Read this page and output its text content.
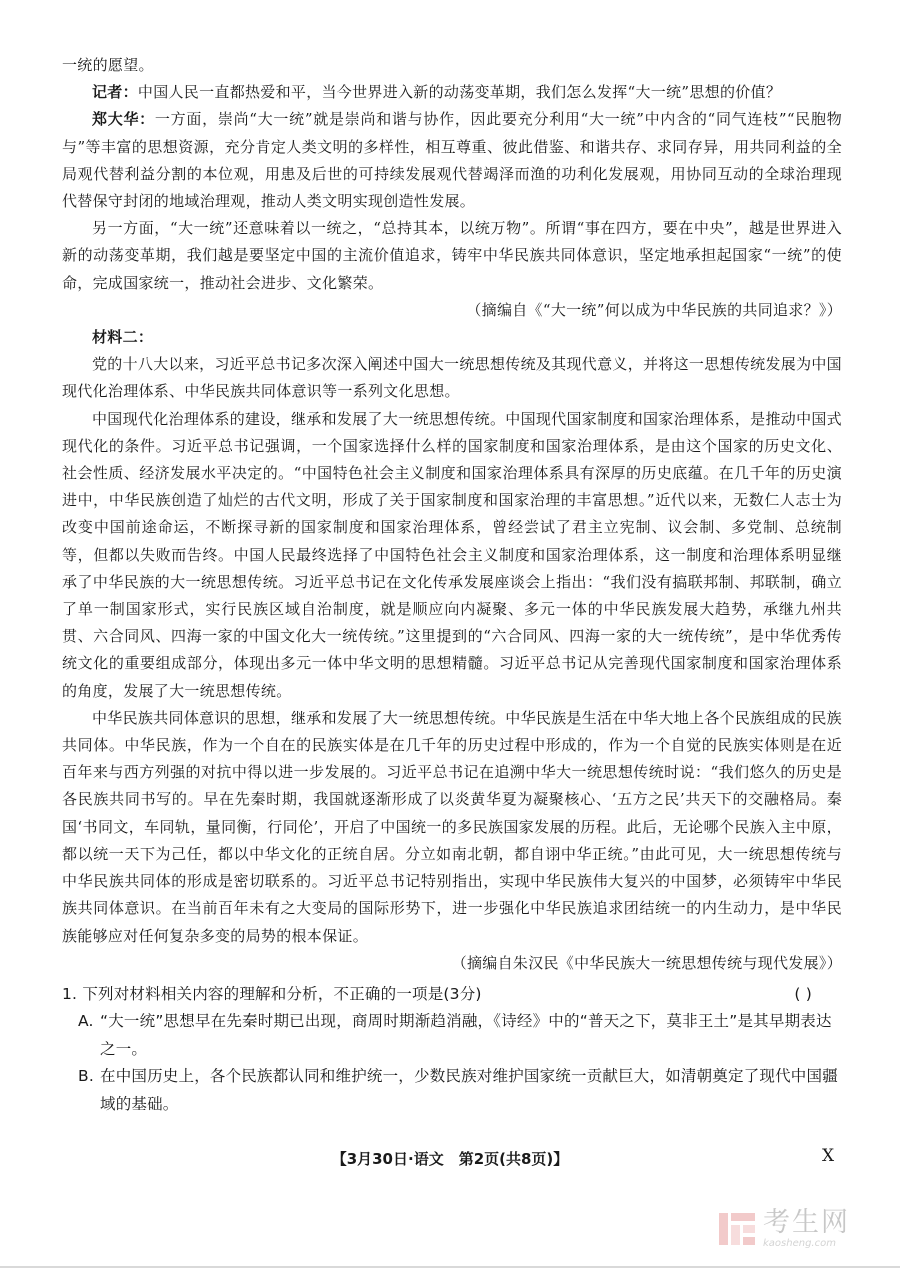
一统的愿望。

记者：中国人民一直都热爱和平，当今世界进入新的动荡变革期，我们怎么发挥“大一统”思想的价值？

郑大华：一方面，崇尚“大一统”就是崇尚和谐与协作，因此要充分利用“大一统”中内含的“同气连枝”“民胞物与”等丰富的思想资源，充分肯定人类文明的多样性，相互尊重、彼此借鉴、和谐共存、求同存异，用共同利益的全局观代替利益分割的本位观，用患及后世的可持续发展观代替竭泽而渔的功利化发展观，用协同互动的全球治理现代替保守封闭的地域治理观，推动人类文明实现创造性发展。

另一方面，“大一统”还意味着以一统之，“总持其本，以统万物”。所谓“事在四方，要在中央”，越是世界进入新的动荡变革期，我们越是要坚定中国的主流价值追求，铸牢中华民族共同体意识，坚定地承担起国家“一统”的使命，完成国家统一，推动社会进步、文化繁荣。

（摘编自《“大一统”何以成为中华民族的共同追求？》）

材料二：

党的十八大以来，习近平总书记多次深入阐述中国大一统思想传统及其现代意义，并将这一思想传统发展为中国现代化治理体系、中华民族共同体意识等一系列文化思想。

中国现代化治理体系的建设，继承和发展了大一统思想传统。中国现代国家制度和国家治理体系，是推动中国式现代化的条件。习近平总书记强调，一个国家选择什么样的国家制度和国家治理体系，是由这个国家的历史文化、社会性质、经济发展水平决定的。“中国特色社会主义制度和国家治理体系具有深厚的历史底蕴。在几千年的历史演进中，中华民族创造了灿烂的古代文明，形成了关于国家制度和国家治理的丰富思想。”近代以来，无数仁人志士为改变中国前途命运，不断探寻新的国家制度和国家治理体系，曾经尝试了君主立宪制、议会制、多党制、总统制等，但都以失败而告终。中国人民最终选择了中国特色社会主义制度和国家治理体系，这一制度和治理体系明显继承了中华民族的大一统思想传统。习近平总书记在文化传承发展座谈会上指出：“我们没有搞联邦制、邦联制，确立了单一制国家形式，实行民族区域自治制度，就是顺应向内凝聚、多元一体的中华民族发展大趋势，承继九州共贯、六合同风、四海一家的中国文化大一统传统。”这里提到的“六合同风、四海一家的大一统传统”，是中华优秀传统文化的重要组成部分，体现出多元一体中华文明的思想精髓。习近平总书记从完善现代国家制度和国家治理体系的角度，发展了大一统思想传统。

中华民族共同体意识的思想，继承和发展了大一统思想传统。中华民族是生活在中华大地上各个民族组成的民族共同体。中华民族，作为一个自在的民族实体是在几千年的历史过程中形成的，作为一个自觉的民族实体则是在近百年来与西方列强的对抗中得以进一步发展的。习近平总书记在追溯中华大一统思想传统时说：“我们悠久的历史是各民族共同书写的。早在先秦时期，我国就逐渐形成了以炎黄华夏为凝聚核心、‘五方之民’共天下的交融格局。秦国‘书同文，车同轨，量同衡，行同伦’，开启了中国统一的多民族国家发展的历程。此后，无论哪个民族入主中原，都以统一天下为己任，都以中华文化的正统自居。分立如南北朝，都自诩中华正统。”由此可见，大一统思想传统与中华民族共同体的形成是密切联系的。习近平总书记特别指出，实现中华民族伟大复兴的中国梦，必须铸牢中华民族共同体意识。在当前百年未有之大变局的国际形势下，进一步强化中华民族追求团结统一的内生动力，是中华民族能够应对任何复杂多变的局势的根本保证。

（摘编自朱汉民《中华民族大一统思想传统与现代发展》）

1. 下列对材料相关内容的理解和分析，不正确的一项是(3分)	( )
A. “大一统”思想早在先秦时期已出现，商周时期渐趋消融，《诗经》中的“普天之下，莫非王土”是其早期表达之一。
B. 在中国历史上，各个民族都认同和维护统一，少数民族对维护国家统一贡献巨大，如清朝奠定了现代中国疆域的基础。
【3月30日·语文　第2页(共8页)】	X
考生网
kaosheng.com
